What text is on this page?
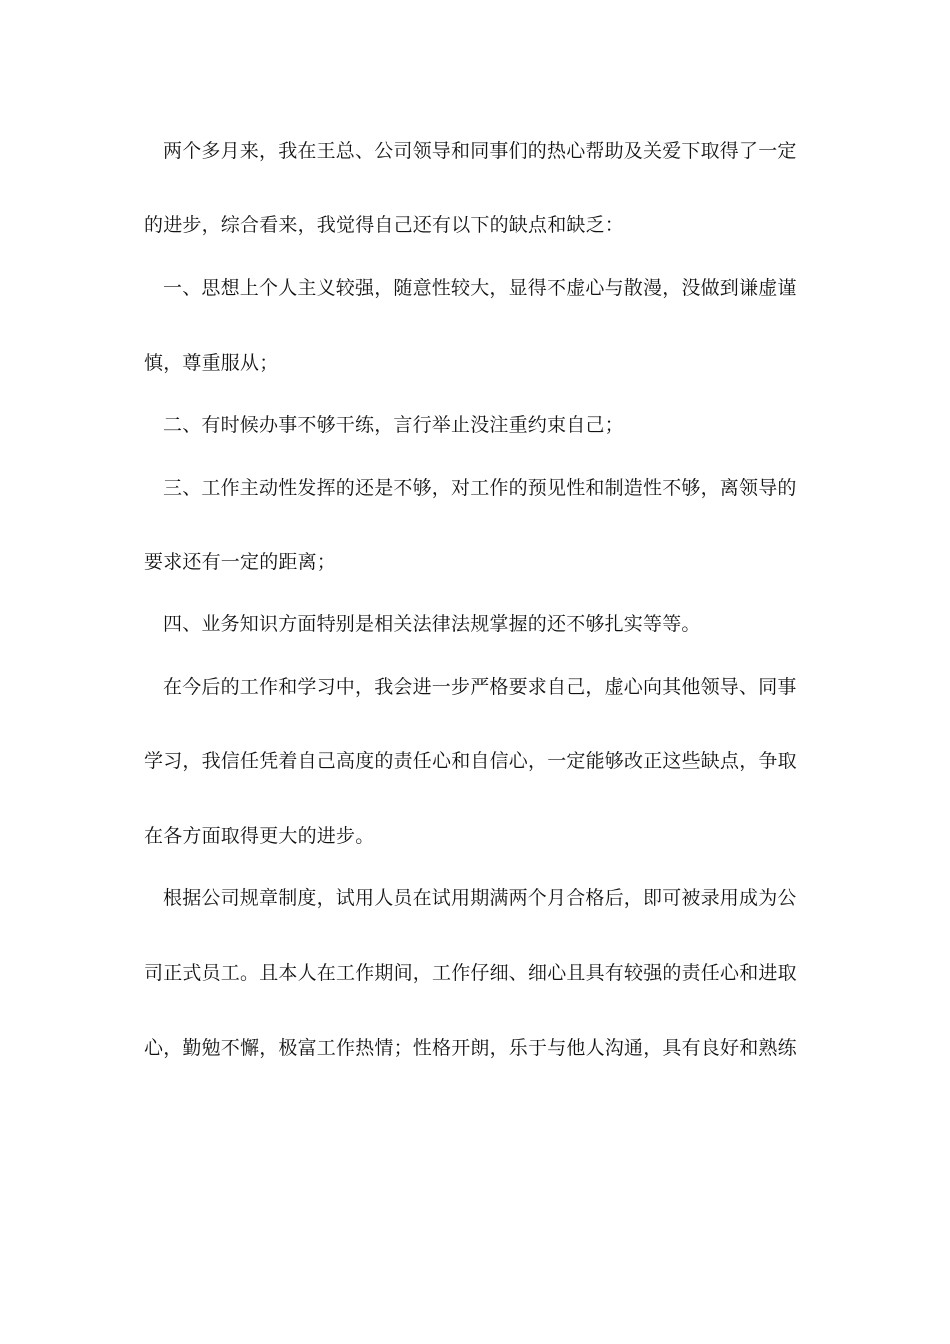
两个多月来，我在王总、公司领导和同事们的热心帮助及关爱下取得了一定
的进步，综合看来，我觉得自己还有以下的缺点和缺乏：
一、思想上个人主义较强，随意性较大，显得不虚心与散漫，没做到谦虚谨
慎，尊重服从；
二、有时候办事不够干练，言行举止没注重约束自己；
三、工作主动性发挥的还是不够，对工作的预见性和制造性不够，离领导的
要求还有一定的距离；
四、业务知识方面特别是相关法律法规掌握的还不够扎实等等。
在今后的工作和学习中，我会进一步严格要求自己，虚心向其他领导、同事
学习，我信任凭着自己高度的责任心和自信心，一定能够改正这些缺点，争取
在各方面取得更大的进步。
根据公司规章制度，试用人员在试用期满两个月合格后，即可被录用成为公
司正式员工。且本人在工作期间，工作仔细、细心且具有较强的责任心和进取
心，勤勉不懈，极富工作热情；性格开朗，乐于与他人沟通，具有良好和熟练
